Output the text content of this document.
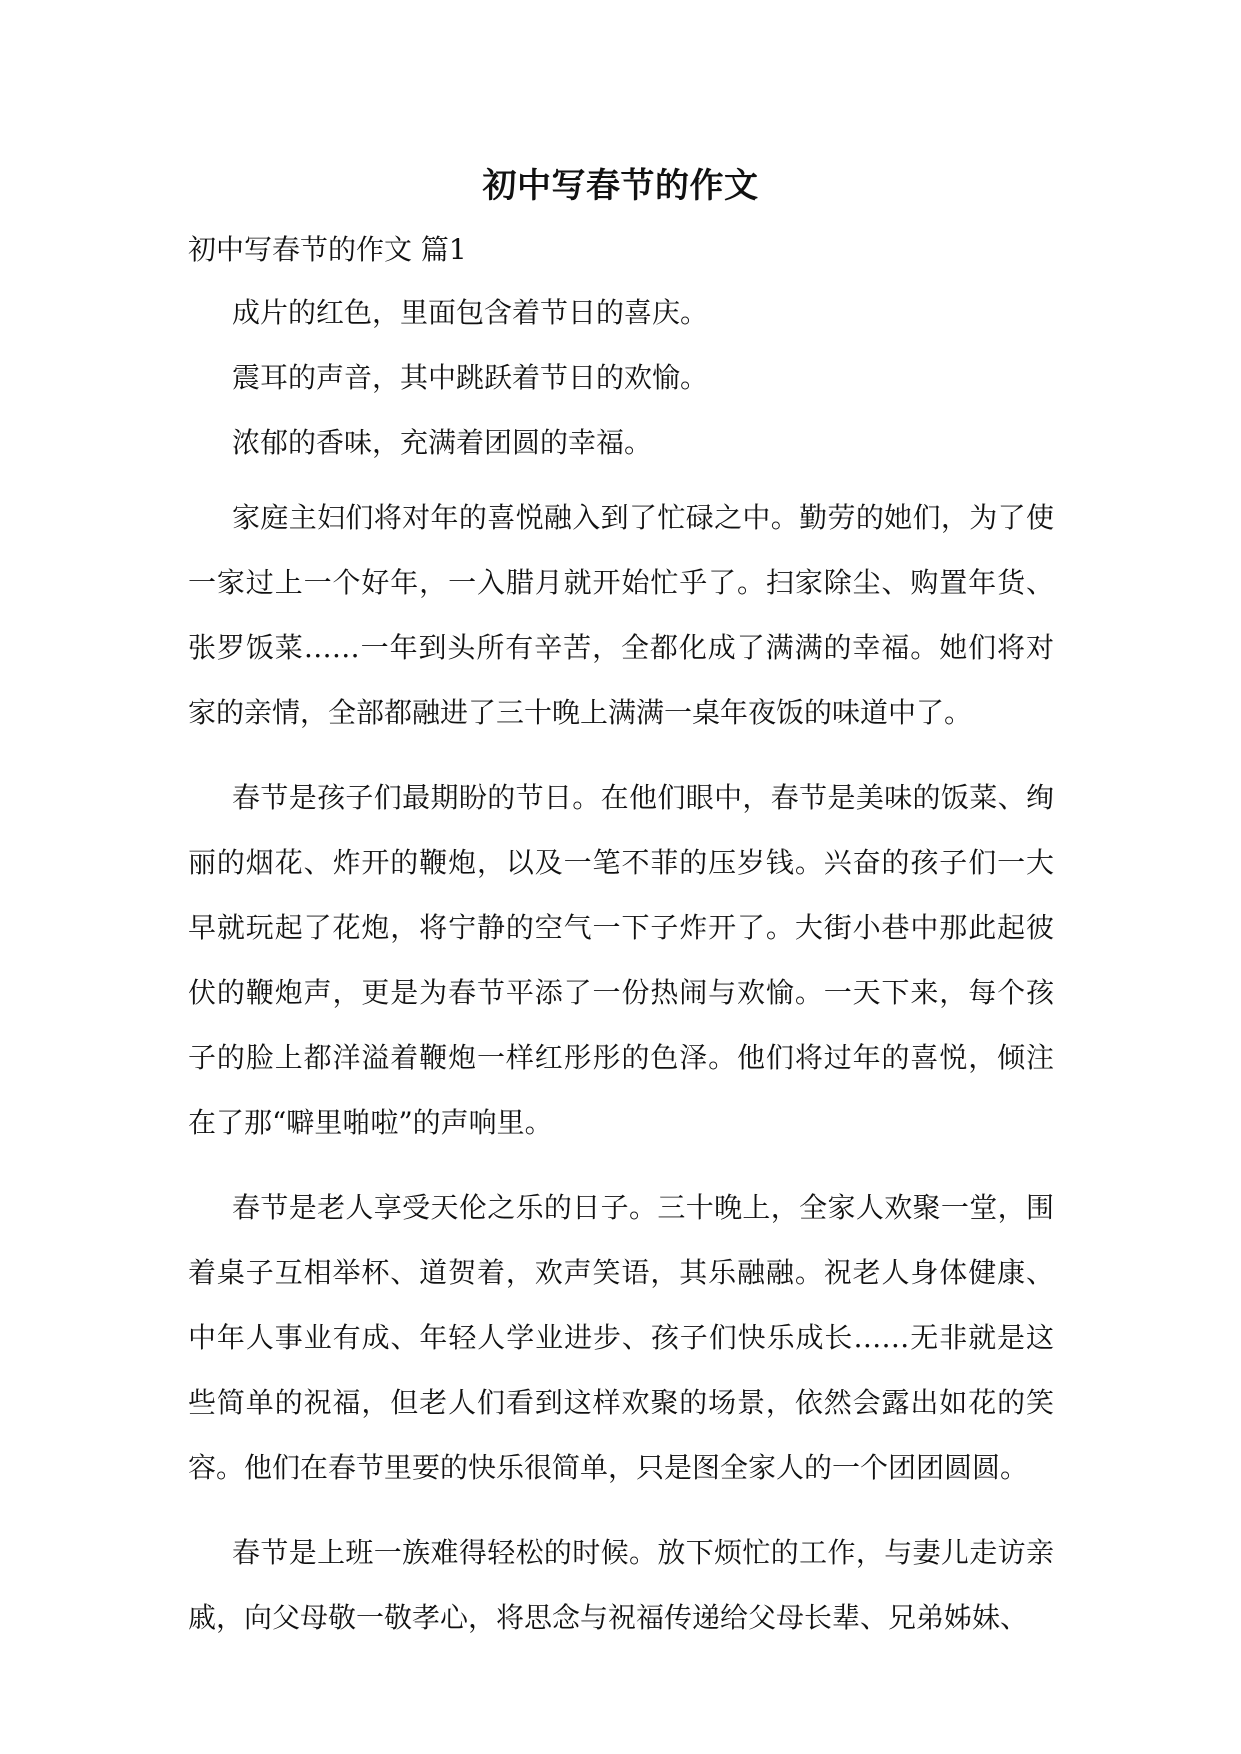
初中写春节的作文

初中写春节的作文 篇1

成片的红色，里面包含着节日的喜庆。

震耳的声音，其中跳跃着节日的欢愉。

浓郁的香味，充满着团圆的幸福。

家庭主妇们将对年的喜悦融入到了忙碌之中。勤劳的她们，为了使一家过上一个好年，一入腊月就开始忙乎了。扫家除尘、购置年货、张罗饭菜……一年到头所有辛苦，全都化成了满满的幸福。她们将对家的亲情，全部都融进了三十晚上满满一桌年夜饭的味道中了。

春节是孩子们最期盼的节日。在他们眼中，春节是美味的饭菜、绚丽的烟花、炸开的鞭炮，以及一笔不菲的压岁钱。兴奋的孩子们一大早就玩起了花炮，将宁静的空气一下子炸开了。大街小巷中那此起彼伏的鞭炮声，更是为春节平添了一份热闹与欢愉。一天下来，每个孩子的脸上都洋溢着鞭炮一样红彤彤的色泽。他们将过年的喜悦，倾注在了那“噼里啪啦”的声响里。

春节是老人享受天伦之乐的日子。三十晚上，全家人欢聚一堂，围着桌子互相举杯、道贺着，欢声笑语，其乐融融。祝老人身体健康、中年人事业有成、年轻人学业进步、孩子们快乐成长……无非就是这些简单的祝福，但老人们看到这样欢聚的场景，依然会露出如花的笑容。他们在春节里要的快乐很简单，只是图全家人的一个团团圆圆。

春节是上班一族难得轻松的时候。放下烦忙的工作，与妻儿走访亲戚，向父母敬一敬孝心，将思念与祝福传递给父母长辈、兄弟姊妹、
